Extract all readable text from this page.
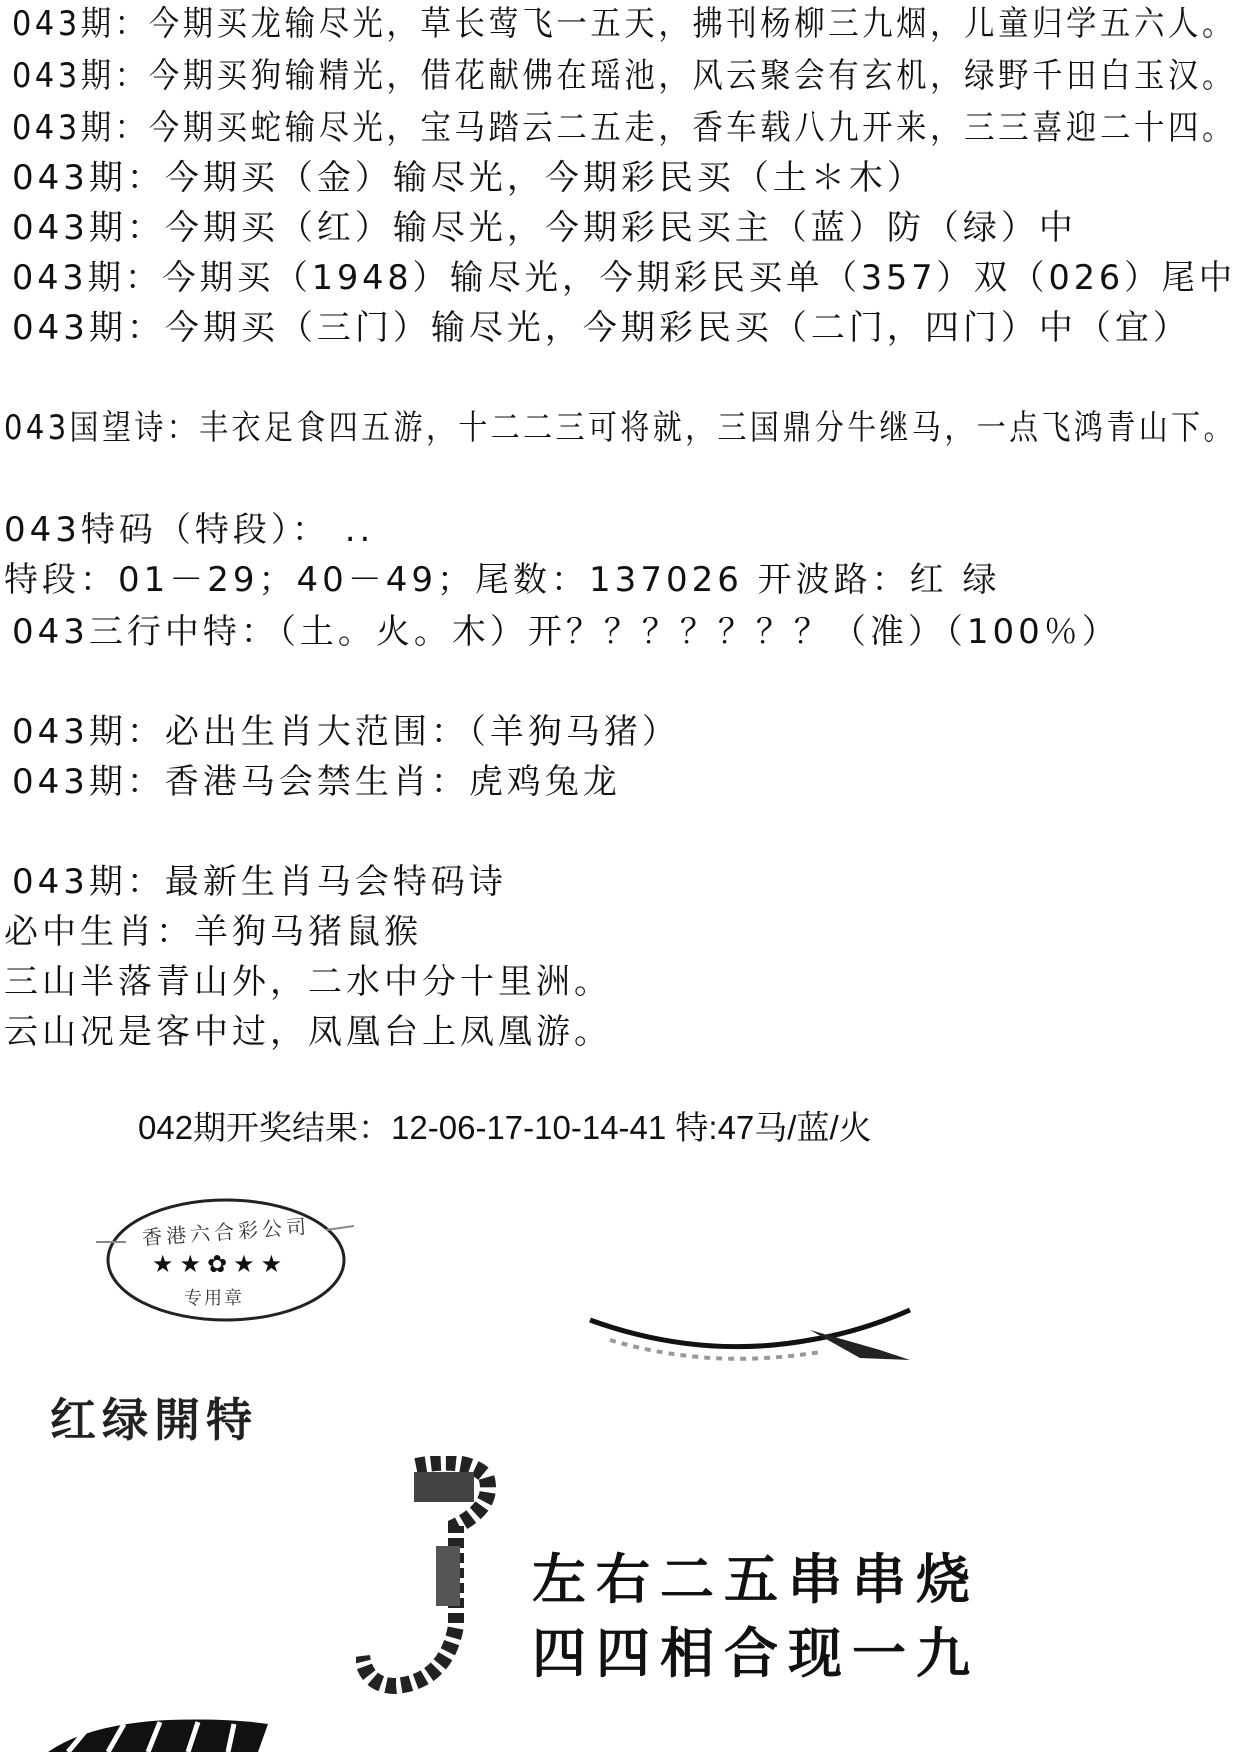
043期：今期买龙输尽光，草长莺飞一五天，拂刊杨柳三九烟，儿童归学五六人。
043期：今期买狗输精光，借花献佛在瑶池，风云聚会有玄机，绿野千田白玉汉。
043期：今期买蛇输尽光，宝马踏云二五走，香车载八九开来，三三喜迎二十四。
043期：今期买（金）输尽光，今期彩民买（土＊木）
043期：今期买（红）输尽光，今期彩民买主（蓝）防（绿）中
043期：今期买（1948）输尽光，今期彩民买单（357）双（026）尾中
043期：今期买（三门）输尽光，今期彩民买（二门，四门）中（宜）
043国望诗：丰衣足食四五游，十二二三可将就，三国鼎分牛继马，一点飞鸿青山下。
043特码（特段）： ..
特段：01－29；40－49；尾数：137026 开波路：红 绿
043三行中特：（土。火。木）开？？？？？？？（准）（100％）
043期：必出生肖大范围：（羊狗马猪）
043期：香港马会禁生肖：虎鸡兔龙
043期：最新生肖马会特码诗
必中生肖：羊狗马猪鼠猴
三山半落青山外，二水中分十里洲。
云山况是客中过，凤凰台上凤凰游。
042期开奖结果：12-06-17-10-14-41 特:47马/蓝/火
香港六合彩公司
★★✿★★
专用章
红绿開特
左右二五串串烧
四四相合现一九
